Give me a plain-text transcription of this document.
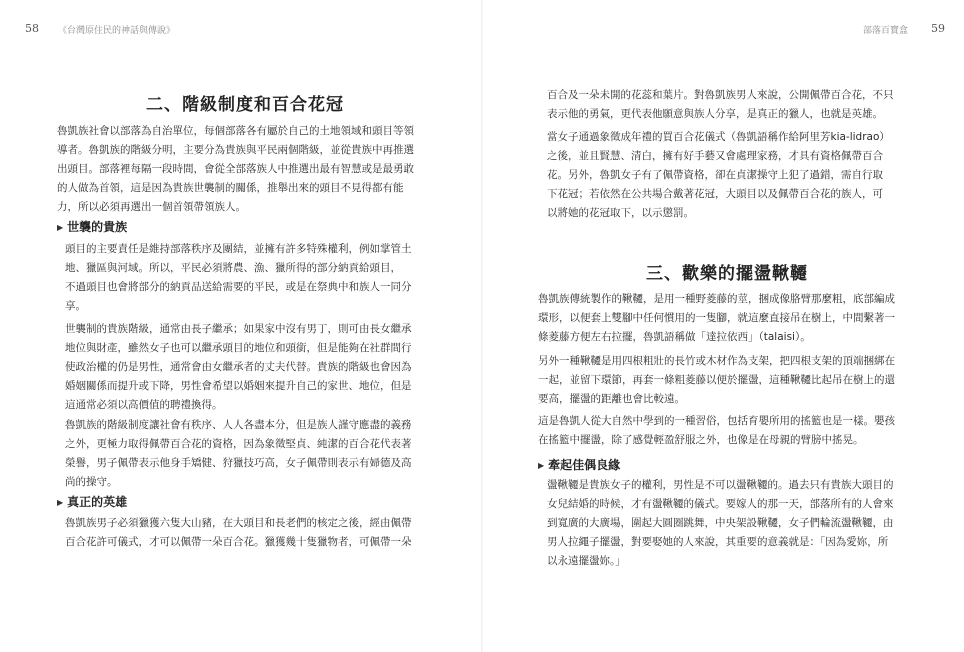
58 《台灣原住民的神話與傳說》
二、階級制度和百合花冠
魯凱族社會以部落為自治單位，每個部落各有屬於自己的土地領域和頭目等領
導者。魯凱族的階級分明，主要分為貴族與平民兩個階級，並從貴族中再推選
出頭目。部落裡每隔一段時間，會從全部落族人中推選出最有智慧或是最勇敢
的人做為首領，這是因為貴族世襲制的關係，推舉出來的頭目不見得都有能
力，所以必須再選出一個首領帶領族人。
▶ 世襲的貴族
頭目的主要責任是維持部落秩序及團結，並擁有許多特殊權利，例如掌管土
地、獵區與河域。所以，平民必須將農、漁、獵所得的部分納貢給頭目，
不過頭目也會將部分的納貢品送給需要的平民，或是在祭典中和族人一同分
享。
世襲制的貴族階級，通常由長子繼承；如果家中沒有男丁，則可由長女繼承
地位與財產，雖然女子也可以繼承頭目的地位和頭銜，但是能夠在社群間行
使政治權的仍是男性，通常會由女繼承者的丈夫代替。貴族的階級也會因為
婚姻關係而提升或下降，男性會希望以婚姻來提升自己的家世、地位，但是
這通常必須以高價值的聘禮換得。
魯凱族的階級制度讓社會有秩序、人人各盡本分，但是族人謹守應盡的義務
之外，更極力取得佩帶百合花的資格，因為象徵堅貞、純潔的百合花代表著
榮譽，男子佩帶表示他身手矯健、狩獵技巧高，女子佩帶則表示有婦德及高
尚的操守。
▶ 真正的英雄
魯凱族男子必須獵獲六隻大山豬，在大頭目和長老們的核定之後，經由佩帶
百合花許可儀式，才可以佩帶一朵百合花。獵獲幾十隻獵物者，可佩帶一朵
部落百寶盒 59
百合及一朵未開的花蕊和葉片。對魯凱族男人來說，公開佩帶百合花，不只
表示他的勇氣，更代表他願意與族人分享，是真正的獵人，也就是英雄。
當女子通過象徵成年禮的買百合花儀式（魯凱語稱作給阿里芳kia-lidrao）
之後，並且賢慧、清白，擁有好手藝又會處理家務，才具有資格佩帶百合
花。另外，魯凱女子有了佩帶資格，卻在貞潔操守上犯了過錯，需自行取
下花冠；若依然在公共場合戴著花冠，大頭目以及佩帶百合花的族人，可
以將她的花冠取下，以示懲罰。
三、歡樂的擺盪鞦韆
魯凱族傳統製作的鞦韆，是用一種野菱藤的莖，捆成像胳臂那麼粗，底部編成
環形，以便套上雙腳中任何慣用的一隻腳，就這麼直接吊在樹上，中間繫著一
條菱藤方便左右拉擺，魯凱語稱做「達拉依西」（talaisi）。
另外一種鞦韆是用四根粗壯的長竹或木材作為支架，把四根支架的頂端捆綁在
一起，並留下環節，再套一條粗菱藤以便於擺盪，這種鞦韆比起吊在樹上的還
要高，擺盪的距離也會比較遠。
這是魯凱人從大自然中學到的一種習俗，包括育嬰所用的搖籃也是一樣。嬰孩
在搖籃中擺盪，除了感覺輕盈舒服之外，也像是在母親的臂膀中搖晃。
▶ 牽起佳偶良緣
盪鞦韆是貴族女子的權利，男性是不可以盪鞦韆的。過去只有貴族大頭目的
女兒結婚的時候，才有盪鞦韆的儀式。要嫁人的那一天，部落所有的人會來
到寬廣的大廣場，圍起大圓圈跳舞，中央架設鞦韆，女子們輪流盪鞦韆，由
男人拉繩子擺盪，對要娶她的人來說，其重要的意義就是：「因為愛妳，所
以永遠擺盪妳。」
